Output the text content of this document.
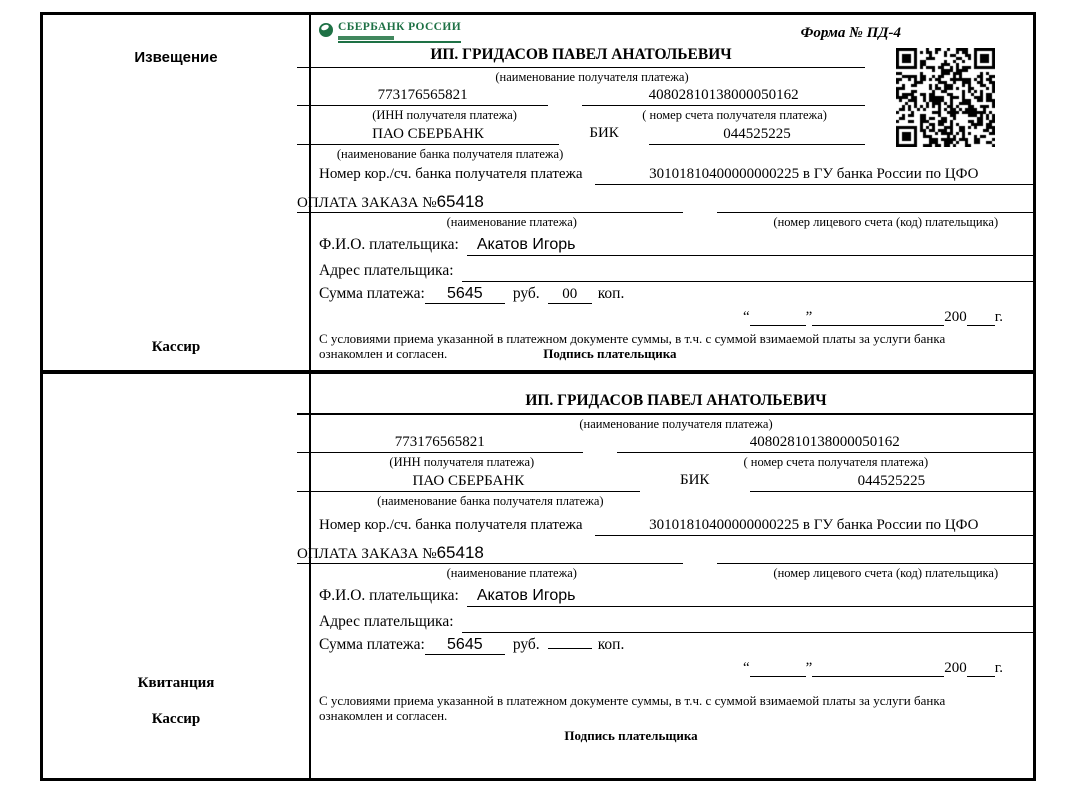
Извещение
Кассир
СБЕРБАНК РОССИИ	Форма № ПД-4
ИП. ГРИДАСОВ ПАВЕЛ АНАТОЛЬЕВИЧ
(наименование получателя платежа)
773176565821	40802810138000050162
(ИНН получателя платежа)	( номер счета получателя платежа)
ПАО СБЕРБАНК	БИК	044525225
(наименование банка получателя платежа)
Номер кор./сч. банка получателя платежа	30101810400000000225 в ГУ банка России по ЦФО
ОПЛАТА ЗАКАЗА №65418
(наименование платежа)	(номер лицевого счета (код) плательщика)
Ф.И.О. плательщика:	Акатов Игорь
Адрес плательщика:
Сумма платежа:	5645	руб.	00	коп.
“	”	200 г.
С условиями приема указанной в платежном документе суммы, в т.ч. с суммой взимаемой платы за услуги банка
ознакомлен и согласен.	Подпись плательщика
Квитанция
Кассир
ИП. ГРИДАСОВ ПАВЕЛ АНАТОЛЬЕВИЧ
(наименование получателя платежа)
773176565821	40802810138000050162
(ИНН получателя платежа)	( номер счета получателя платежа)
ПАО СБЕРБАНК	БИК	044525225
(наименование банка получателя платежа)
Номер кор./сч. банка получателя платежа	30101810400000000225 в ГУ банка России по ЦФО
ОПЛАТА ЗАКАЗА №65418
(наименование платежа)	(номер лицевого счета (код) плательщика)
Ф.И.О. плательщика:	Акатов Игорь
Адрес плательщика:
Сумма платежа:	5645	руб.	коп.
“	”	200 г.
С условиями приема указанной в платежном документе суммы, в т.ч. с суммой взимаемой платы за услуги банка
ознакомлен и согласен.
Подпись плательщика
